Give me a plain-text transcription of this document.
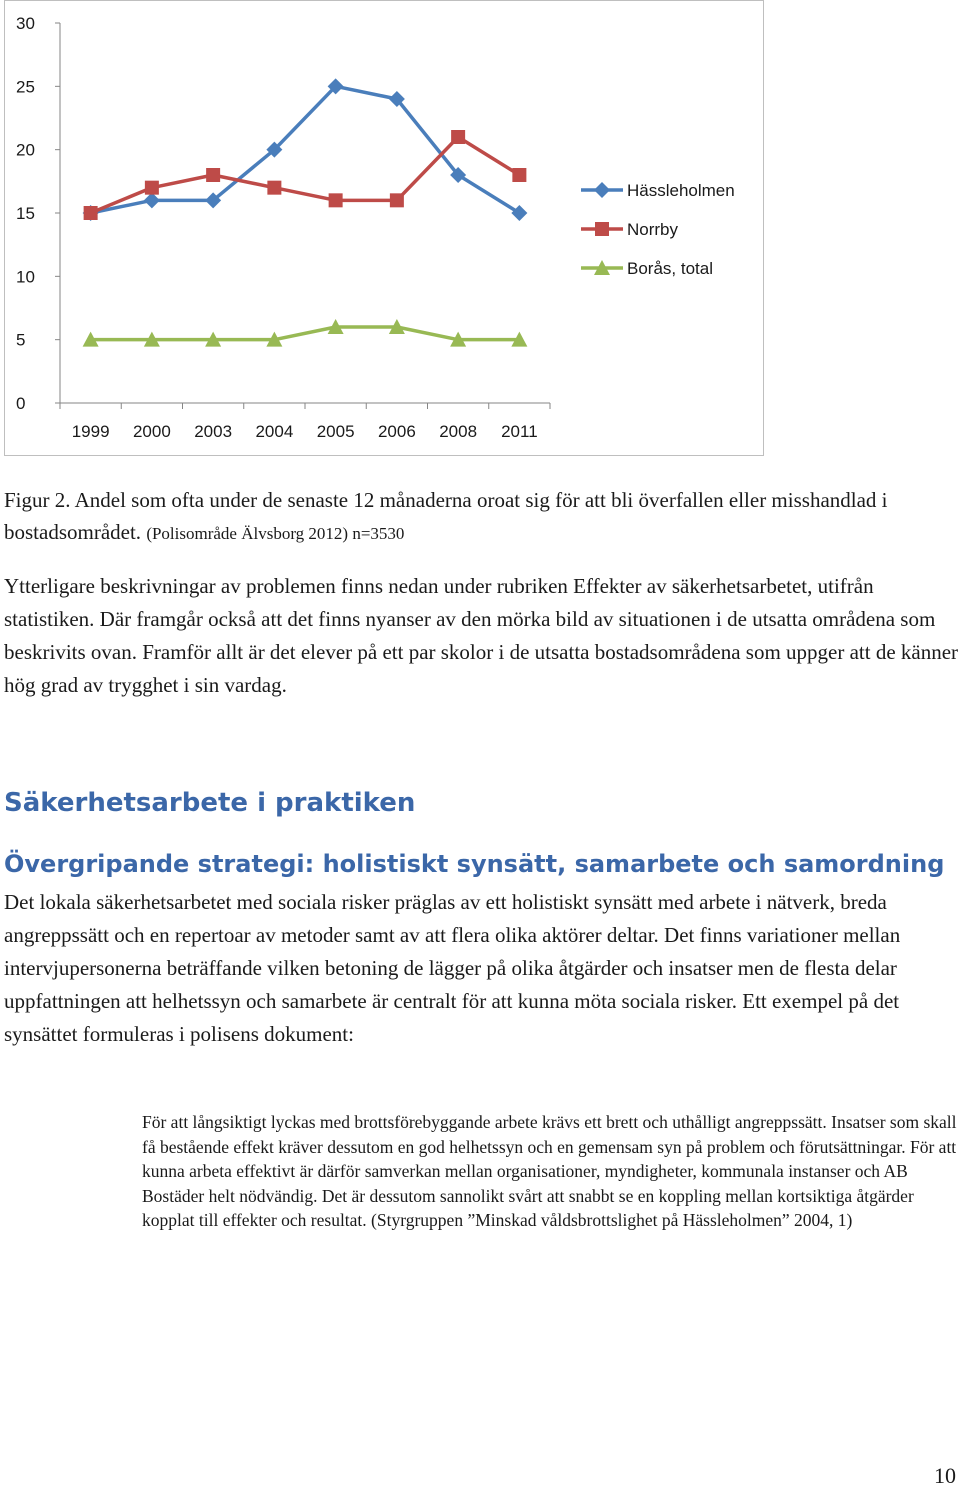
0
5
10
15
20
25
30
1999 2000 2003 2004 2005 2006 2008 2011
Hässleholmen
Norrby
Borås, total
Figur 2. Andel som ofta under de senaste 12 månaderna oroat sig för att bli överfallen eller misshandlad i bostadsområdet. (Polisområde Älvsborg 2012) n=3530

Ytterligare beskrivningar av problemen finns nedan under rubriken Effekter av säkerhetsarbetet, utifrån statistiken. Där framgår också att det finns nyanser av den mörka bild av situationen i de utsatta områdena som beskrivits ovan. Framför allt är det elever på ett par skolor i de utsatta bostadsområdena som uppger att de känner hög grad av trygghet i sin vardag.

Säkerhetsarbete i praktiken
Övergripande strategi: holistiskt synsätt, samarbete och samordning

Det lokala säkerhetsarbetet med sociala risker präglas av ett holistiskt synsätt med arbete i nätverk, breda angreppssätt och en repertoar av metoder samt av att flera olika aktörer deltar. Det finns variationer mellan intervjupersonerna beträffande vilken betoning de lägger på olika åtgärder och insatser men de flesta delar uppfattningen att helhetssyn och samarbete är centralt för att kunna möta sociala risker. Ett exempel på det synsättet formuleras i polisens dokument:

För att långsiktigt lyckas med brottsförebyggande arbete krävs ett brett och uthålligt angreppssätt. Insatser som skall få bestående effekt kräver dessutom en god helhetssyn och en gemensam syn på problem och förutsättningar. För att kunna arbeta effektivt är därför samverkan mellan organisationer, myndigheter, kommunala instanser och AB Bostäder helt nödvändig. Det är dessutom sannolikt svårt att snabbt se en koppling mellan kortsiktiga åtgärder kopplat till effekter och resultat. (Styrgruppen ”Minskad våldsbrottslighet på Hässleholmen” 2004, 1)

10
